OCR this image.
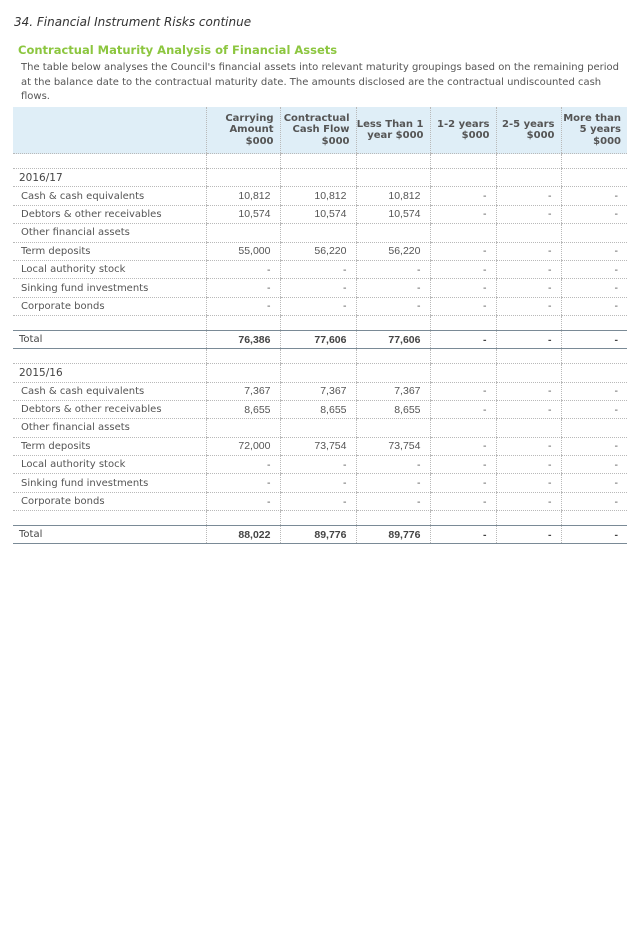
34. Financial Instrument Risks continue
Contractual Maturity Analysis of Financial Assets
The table below analyses the Council's financial assets into relevant maturity groupings based on the remaining period at the balance date to the contractual maturity date. The amounts disclosed are the contractual undiscounted cash flows.
	Carrying Amount $000	Contractual Cash Flow $000	Less Than 1 year $000	1-2 years $000	2-5 years $000	More than 5 years $000

2016/17						
Cash & cash equivalents	10,812	10,812	10,812	-	-	-
Debtors & other receivables	10,574	10,574	10,574	-	-	-
Other financial assets						
Term deposits	55,000	56,220	56,220	-	-	-
Local authority stock	-	-	-	-	-	-
Sinking fund investments	-	-	-	-	-	-
Corporate bonds	-	-	-	-	-	-

Total	76,386	77,606	77,606	-	-	-

2015/16						
Cash & cash equivalents	7,367	7,367	7,367	-	-	-
Debtors & other receivables	8,655	8,655	8,655	-	-	-
Other financial assets						
Term deposits	72,000	73,754	73,754	-	-	-
Local authority stock	-	-	-	-	-	-
Sinking fund investments	-	-	-	-	-	-
Corporate bonds	-	-	-	-	-	-

Total	88,022	89,776	89,776	-	-	-
